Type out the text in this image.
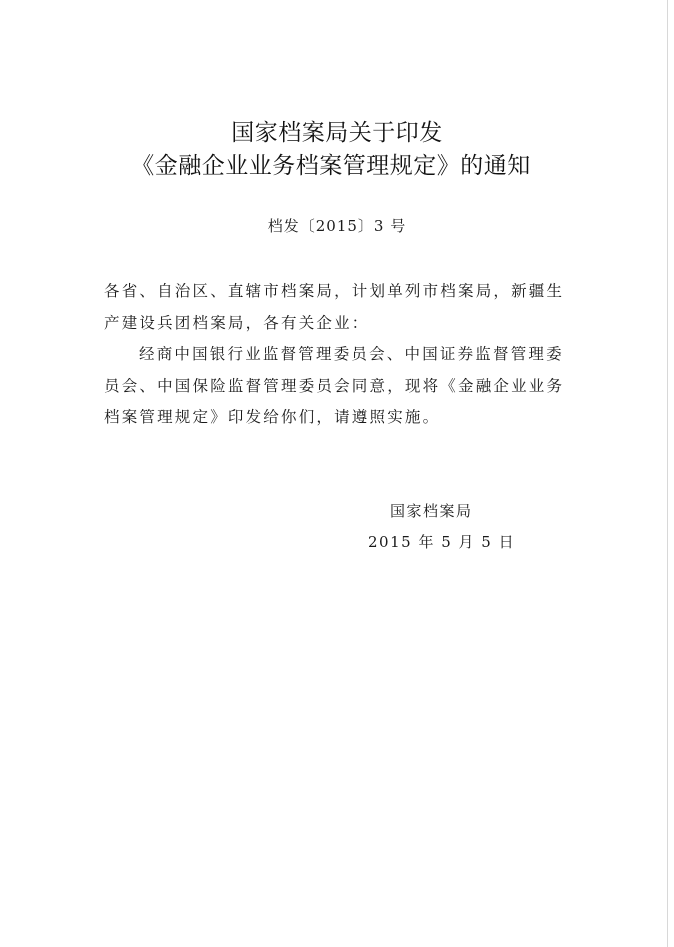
国家档案局关于印发
《金融企业业务档案管理规定》的通知
档发〔2015〕3 号

各省、自治区、直辖市档案局，计划单列市档案局，新疆生产建设兵团档案局，各有关企业：

经商中国银行业监督管理委员会、中国证券监督管理委员会、中国保险监督管理委员会同意，现将《金融企业业务档案管理规定》印发给你们，请遵照实施。

国家档案局
2015 年 5 月 5 日
